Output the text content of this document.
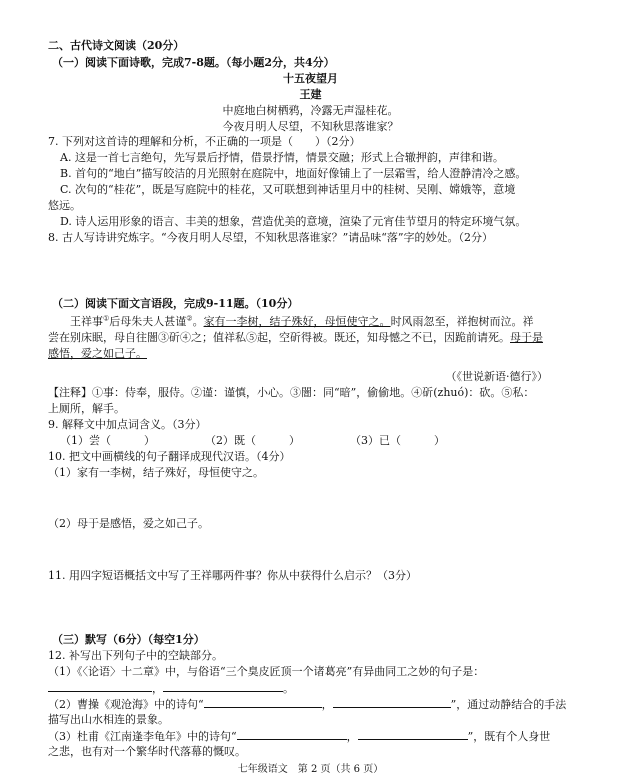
二、古代诗文阅读（20分）
（一）阅读下面诗歌，完成7-8题。（每小题2分，共4分）
十五夜望月
王建
中庭地白树栖鸦，冷露无声湿桂花。
今夜月明人尽望，不知秋思落谁家？
7. 下列对这首诗的理解和分析，不正确的一项是（　　）（2分）
A. 这是一首七言绝句，先写景后抒情，借景抒情，情景交融；形式上合辙押韵，声律和谐。
B. 首句的“地白”描写皎洁的月光照射在庭院中，地面好像铺上了一层霜雪，给人澄静清冷之感。
C. 次句的“桂花”，既是写庭院中的桂花，又可联想到神话里月中的桂树、吴刚、嫦娥等，意境
悠远。
D. 诗人运用形象的语言、丰美的想象，营造优美的意境，渲染了元宵佳节望月的特定环境气氛。
8. 古人写诗讲究炼字。“今夜月明人尽望，不知秋思落谁家？”请品味“落”字的妙处。（2分）
（二）阅读下面文言语段，完成9-11题。（10分）
王祥事①后母朱夫人甚谨②。家有一李树，结子殊好，母恒使守之。时风雨忽至，祥抱树而泣。祥
尝在别床眠，母自往闇③斫④之；值祥私⑤起，空斫得被。既还，知母憾之不已，因跪前请死。母于是
感悟，爱之如己子。
（《世说新语·德行》）
【注释】①事：侍奉，服侍。②谨：谨慎，小心。③闇：同“暗”，偷偷地。④斫(zhuó)：砍。⑤私：
上厕所，解手。
9. 解释文中加点词含义。（3分）
（1）尝（　　　）	（2）既（　　　）	（3）已（　　　）
10. 把文中画横线的句子翻译成现代汉语。（4分）
（1）家有一李树，结子殊好，母恒使守之。
（2）母于是感悟，爱之如己子。
11. 用四字短语概括文中写了王祥哪两件事？你从中获得什么启示？（3分）
（三）默写（6分）（每空1分）
12. 补写出下列句子中的空缺部分。
（1）《〈论语〉十二章》中，与俗语“三个臭皮匠顶一个诸葛亮”有异曲同工之妙的句子是：
，	。
（2）曹操《观沧海》中的诗句“	，	”，通过动静结合的手法
描写出山水相连的景象。
（3）杜甫《江南逢李龟年》中的诗句“	，	”，既有个人身世
之悲，也有对一个繁华时代落幕的慨叹。
七年级语文　第 2 页（共 6 页）
